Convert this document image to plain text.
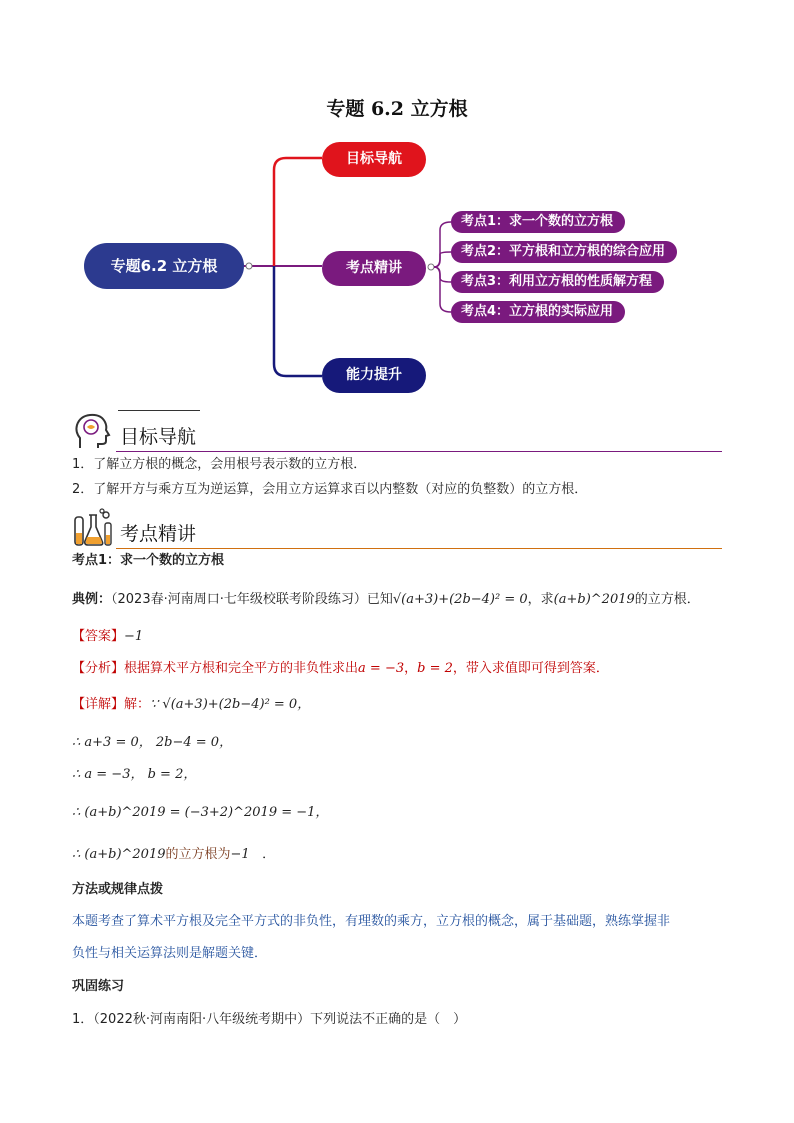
专题 6.2 立方根
专题6.2 立方根
目标导航
考点精讲
能力提升
考点1：求一个数的立方根
考点2：平方根和立方根的综合应用
考点3：利用立方根的性质解方程
考点4：立方根的实际应用
目标导航
1．了解立方根的概念，会用根号表示数的立方根．
2．了解开方与乘方互为逆运算，会用立方运算求百以内整数（对应的负整数）的立方根．
考点精讲
考点1：求一个数的立方根
典例：（2023春·河南周口·七年级校联考阶段练习）已知√(a+3)+(2b−4)² = 0，求(a+b)^2019的立方根．
【答案】−1
【分析】根据算术平方根和完全平方的非负性求出a = −3，b = 2，带入求值即可得到答案．
【详解】解：∵ √(a+3)+(2b−4)² = 0，
∴ a+3 = 0， 2b−4 = 0，
∴ a = −3， b = 2，
∴ (a+b)^2019 = (−3+2)^2019 = −1，
∴ (a+b)^2019的立方根为−1 ．
方法或规律点拨
本题考查了算术平方根及完全平方式的非负性，有理数的乘方，立方根的概念，属于基础题，熟练掌握非
负性与相关运算法则是解题关键．
巩固练习
1．（2022秋·河南南阳·八年级统考期中）下列说法不正确的是（　）
